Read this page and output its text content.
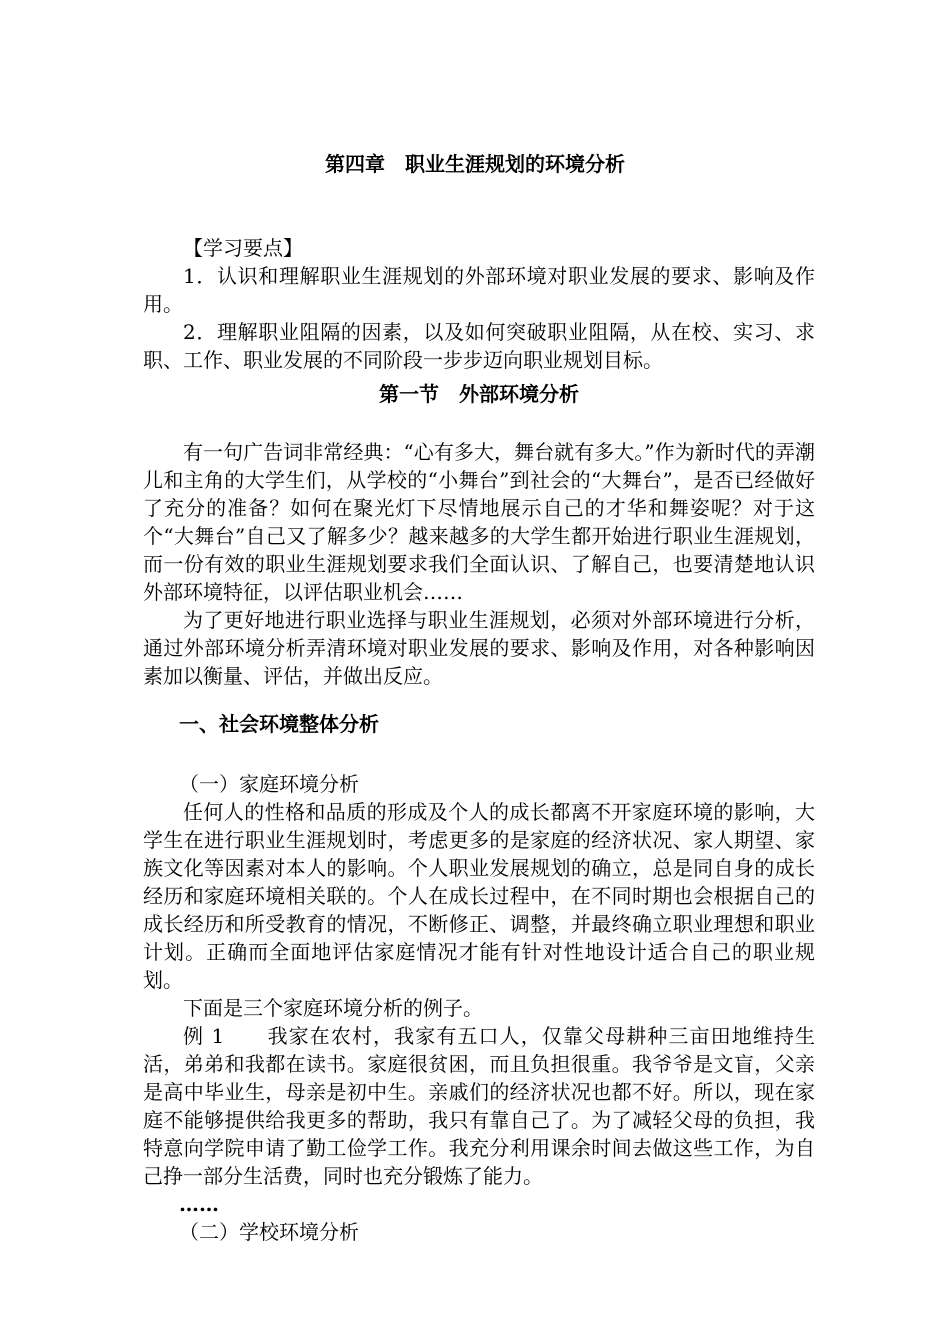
第四章　职业生涯规划的环境分析

【学习要点】

1．认识和理解职业生涯规划的外部环境对职业发展的要求、影响及作用。

2．理解职业阻隔的因素，以及如何突破职业阻隔，从在校、实习、求职、工作、职业发展的不同阶段一步步迈向职业规划目标。

第一节　外部环境分析

有一句广告词非常经典：“心有多大，舞台就有多大。”作为新时代的弄潮儿和主角的大学生们，从学校的“小舞台”到社会的“大舞台”，是否已经做好了充分的准备？如何在聚光灯下尽情地展示自己的才华和舞姿呢？对于这个“大舞台”自己又了解多少？越来越多的大学生都开始进行职业生涯规划，而一份有效的职业生涯规划要求我们全面认识、了解自己，也要清楚地认识外部环境特征，以评估职业机会……

为了更好地进行职业选择与职业生涯规划，必须对外部环境进行分析，通过外部环境分析弄清环境对职业发展的要求、影响及作用，对各种影响因素加以衡量、评估，并做出反应。

一、社会环境整体分析
（一）家庭环境分析

任何人的性格和品质的形成及个人的成长都离不开家庭环境的影响，大学生在进行职业生涯规划时，考虑更多的是家庭的经济状况、家人期望、家族文化等因素对本人的影响。个人职业发展规划的确立，总是同自身的成长经历和家庭环境相关联的。个人在成长过程中，在不同时期也会根据自己的成长经历和所受教育的情况，不断修正、调整，并最终确立职业理想和职业计划。正确而全面地评估家庭情况才能有针对性地设计适合自己的职业规划。

下面是三个家庭环境分析的例子。

例 1　　我家在农村，我家有五口人，仅靠父母耕种三亩田地维持生活，弟弟和我都在读书。家庭很贫困，而且负担很重。我爷爷是文盲，父亲是高中毕业生，母亲是初中生。亲戚们的经济状况也都不好。所以，现在家庭不能够提供给我更多的帮助，我只有靠自己了。为了减轻父母的负担，我特意向学院申请了勤工俭学工作。我充分利用课余时间去做这些工作，为自己挣一部分生活费，同时也充分锻炼了能力。

……
（二）学校环境分析
